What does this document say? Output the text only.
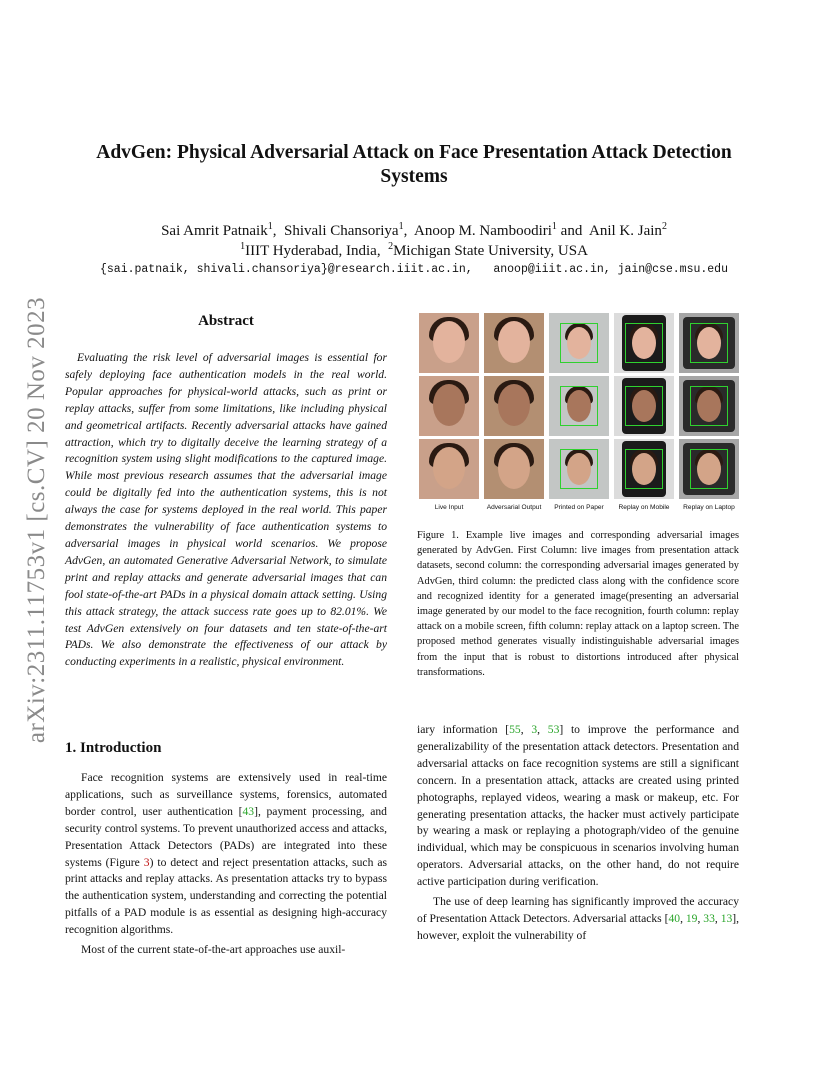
arXiv:2311.11753v1 [cs.CV] 20 Nov 2023
AdvGen: Physical Adversarial Attack on Face Presentation Attack Detection Systems
Sai Amrit Patnaik$^1$,  Shivali Chansoriya$^1$,  Anoop M. Namboodiri$^1$ and  Anil K. Jain$^2$
$^1$IIIT Hyderabad, India, $^2$Michigan State University, USA
{sai.patnaik, shivali.chansoriya}@research.iiit.ac.in,   anoop@iiit.ac.in, jain@cse.msu.edu
Abstract
Evaluating the risk level of adversarial images is essential for safely deploying face authentication models in the real world. Popular approaches for physical-world attacks, such as print or replay attacks, suffer from some limitations, like including physical and geometrical artifacts. Recently adversarial attacks have gained attraction, which try to digitally deceive the learning strategy of a recognition system using slight modifications to the captured image. While most previous research assumes that the adversarial image could be digitally fed into the authentication systems, this is not always the case for systems deployed in the real world. This paper demonstrates the vulnerability of face authentication systems to adversarial images in physical world scenarios. We propose AdvGen, an automated Generative Adversarial Network, to simulate print and replay attacks and generate adversarial images that can fool state-of-the-art PADs in a physical domain attack setting. Using this attack strategy, the attack success rate goes up to 82.01%. We test AdvGen extensively on four datasets and ten state-of-the-art PADs. We also demonstrate the effectiveness of our attack by conducting experiments in a realistic, physical environment.
1. Introduction

Face recognition systems are extensively used in real-time applications, such as surveillance systems, forensics, automated border control, user authentication [43], payment processing, and security control systems. To prevent unauthorized access and attacks, Presentation Attack Detectors (PADs) are integrated into these systems (Figure 3) to detect and reject presentation attacks, such as print attacks and replay attacks. As presentation attacks try to bypass the authentication system, understanding and correcting the potential pitfalls of a PAD module is as essential as designing high-accuracy recognition algorithms.

Most of the current state-of-the-art approaches use auxil-

Live Input	Adversarial Output	Printed on Paper	Replay on Mobile	Replay on Laptop
Figure 1. Example live images and corresponding adversarial images generated by AdvGen. First Column: live images from presentation attack datasets, second column: the corresponding adversarial images generated by AdvGen, third column: the predicted class along with the confidence score and recognized identity for a generated image(presenting an adversarial image generated by our model to the face recognition, fourth column: replay attack on a mobile screen, fifth column: replay attack on a laptop screen. The proposed method generates visually indistinguishable adversarial images from the input that is robust to distortions introduced after physical transformations.

iary information [55, 3, 53] to improve the performance and generalizability of the presentation attack detectors. Presentation and adversarial attacks on face recognition systems are still a significant concern. In a presentation attack, attacks are created using printed photographs, replayed videos, wearing a mask or makeup, etc. For generating presentation attacks, the hacker must actively participate by wearing a mask or replaying a photograph/video of the genuine individual, which may be conspicuous in scenarios involving human operators. Adversarial attacks, on the other hand, do not require active participation during verification.

The use of deep learning has significantly improved the accuracy of Presentation Attack Detectors. Adversarial attacks [40, 19, 33, 13], however, exploit the vulnerability of
